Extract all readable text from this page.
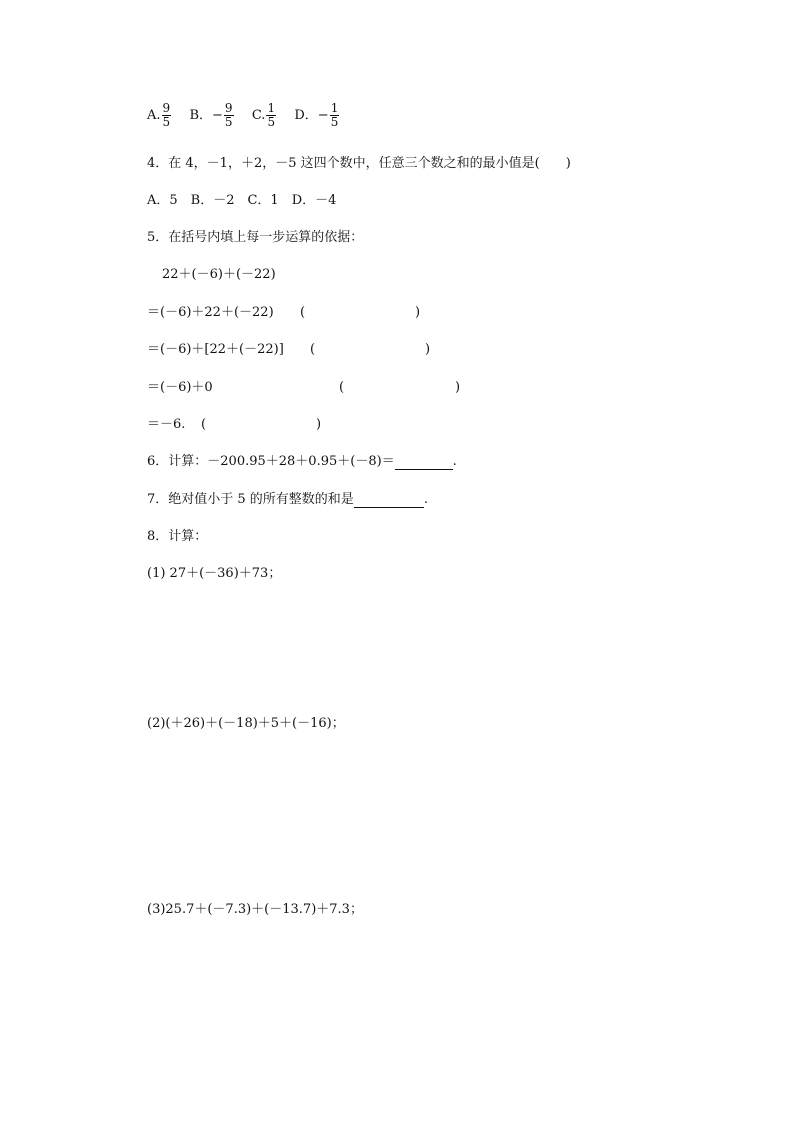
A. $\frac{9}{5}$ B．− $\frac{9}{5} C$. $\frac{1}{5}$ D．− $\frac{1}{5}$
4．在 4，－1，＋2，－5 这四个数中，任意三个数之和的最小值是(　　)
A．5　B．－2　C．1　D．－4
5．在括号内填上每一步运算的依据：
22＋(－6)＋(－22)
＝(－6)＋22＋(－22) (	)
＝(－6)＋[22＋(－22)] (	)
＝(－6)＋0	(	)
＝－6. (	)
6．计算：－200.95＋28＋0.95＋(－8)＝	.
7．绝对值小于 5 的所有整数的和是	.
8．计算：
(1) 27＋(－36)＋73；
(2)(＋26)＋(－18)＋5＋(－16)；
(3)25.7＋(－7.3)＋(－13.7)＋7.3；
